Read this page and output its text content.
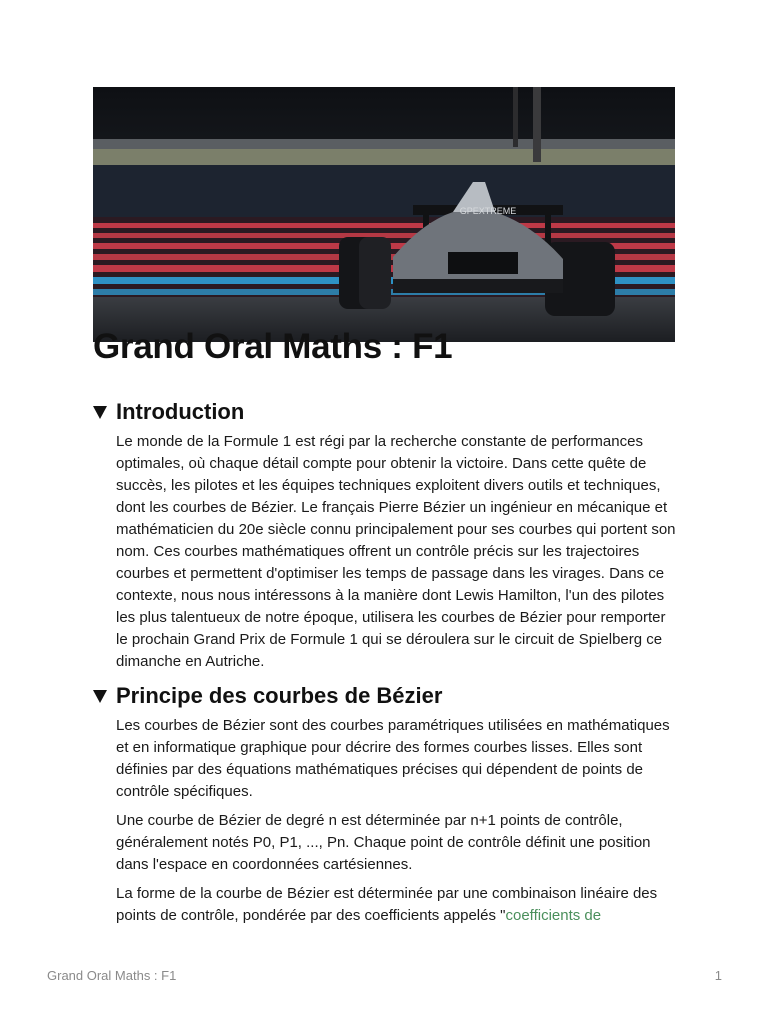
GPEXTREME
Grand Oral Maths : F1
Introduction

Le monde de la Formule 1 est régi par la recherche constante de performances optimales, où chaque détail compte pour obtenir la victoire. Dans cette quête de succès, les pilotes et les équipes techniques exploitent divers outils et techniques, dont les courbes de Bézier. Le français Pierre Bézier un ingénieur en mécanique et mathématicien du 20e siècle connu principalement pour ses courbes qui portent son nom. Ces courbes mathématiques offrent un contrôle précis sur les trajectoires courbes et permettent d'optimiser les temps de passage dans les virages. Dans ce contexte, nous nous intéressons à la manière dont Lewis Hamilton, l'un des pilotes les plus talentueux de notre époque, utilisera les courbes de Bézier pour remporter le prochain Grand Prix de Formule 1 qui se déroulera sur le circuit de Spielberg ce dimanche en Autriche.

Principe des courbes de Bézier

Les courbes de Bézier sont des courbes paramétriques utilisées en mathématiques et en informatique graphique pour décrire des formes courbes lisses. Elles sont définies par des équations mathématiques précises qui dépendent de points de contrôle spécifiques.

Une courbe de Bézier de degré n est déterminée par n+1 points de contrôle, généralement notés P0, P1, ..., Pn. Chaque point de contrôle définit une position dans l'espace en coordonnées cartésiennes.

La forme de la courbe de Bézier est déterminée par une combinaison linéaire des points de contrôle, pondérée par des coefficients appelés "coefficients de

Grand Oral Maths : F1	1
